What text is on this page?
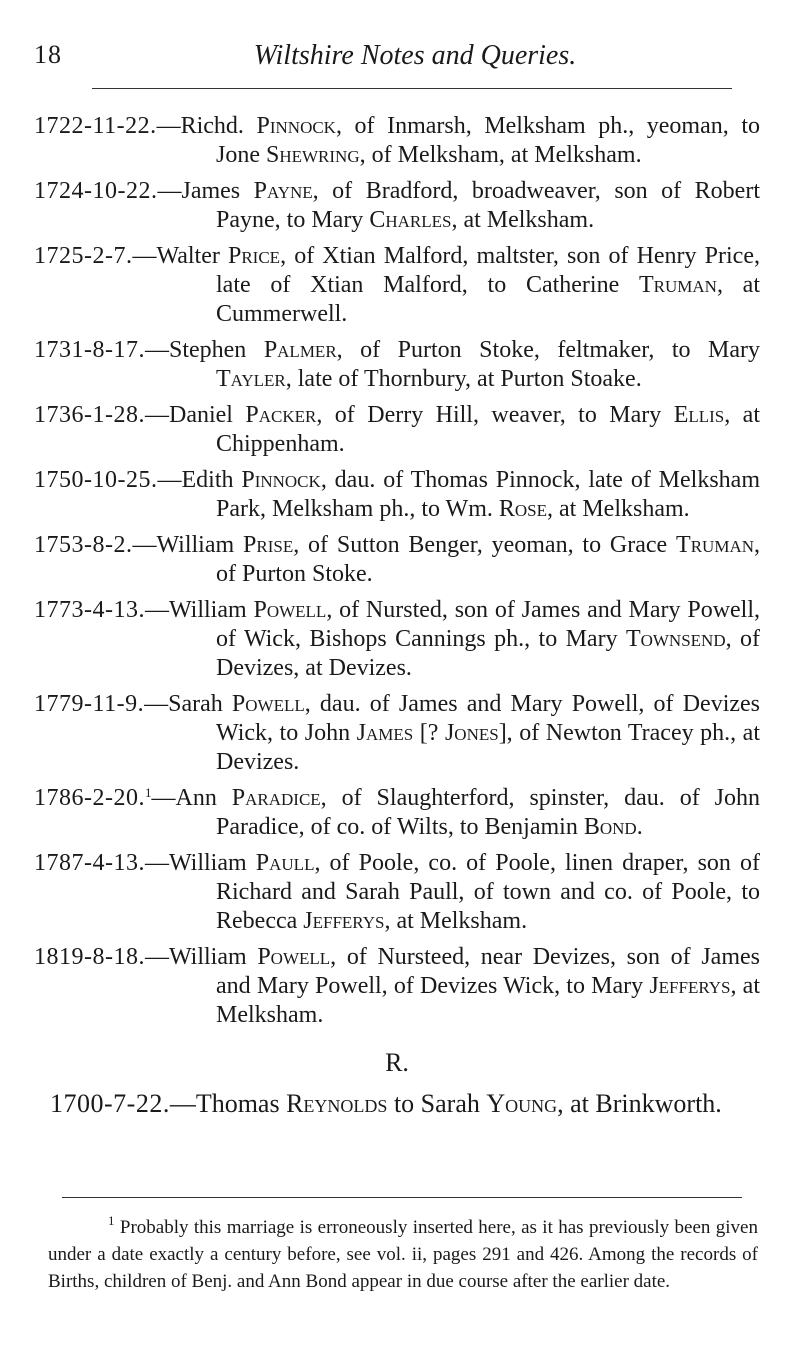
18	Wiltshire Notes and Queries.

1722-11-22.—Richd. Pinnock, of Inmarsh, Melksham ph., yeoman, to Jone Shewring, of Melksham, at Melksham.

1724-10-22.—James Payne, of Bradford, broadweaver, son of Robert Payne, to Mary Charles, at Melksham.

1725-2-7.—Walter Price, of Xtian Malford, maltster, son of Henry Price, late of Xtian Malford, to Catherine Truman, at Cummerwell.

1731-8-17.—Stephen Palmer, of Purton Stoke, feltmaker, to Mary Tayler, late of Thornbury, at Purton Stoake.

1736-1-28.—Daniel Packer, of Derry Hill, weaver, to Mary Ellis, at Chippenham.

1750-10-25.—Edith Pinnock, dau. of Thomas Pinnock, late of Melksham Park, Melksham ph., to Wm. Rose, at Melksham.

1753-8-2.—William Prise, of Sutton Benger, yeoman, to Grace Truman, of Purton Stoke.

1773-4-13.—William Powell, of Nursted, son of James and Mary Powell, of Wick, Bishops Cannings ph., to Mary Townsend, of Devizes, at Devizes.

1779-11-9.—Sarah Powell, dau. of James and Mary Powell, of Devizes Wick, to John James [? Jones], of Newton Tracey ph., at Devizes.

1786-2-20.$^1$—Ann Paradice, of Slaughterford, spinster, dau. of John Paradice, of co. of Wilts, to Benjamin Bond.

1787-4-13.—William Paull, of Poole, co. of Poole, linen draper, son of Richard and Sarah Paull, of town and co. of Poole, to Rebecca Jefferys, at Melksham.

1819-8-18.—William Powell, of Nursteed, near Devizes, son of James and Mary Powell, of Devizes Wick, to Mary Jefferys, at Melksham.

R.

1700-7-22.—Thomas Reynolds to Sarah Young, at Brinkworth.

$^1$ Probably this marriage is erroneously inserted here, as it has previously been given under a date exactly a century before, see vol. ii, pages 291 and 426. Among the records of Births, children of Benj. and Ann Bond appear in due course after the earlier date.
